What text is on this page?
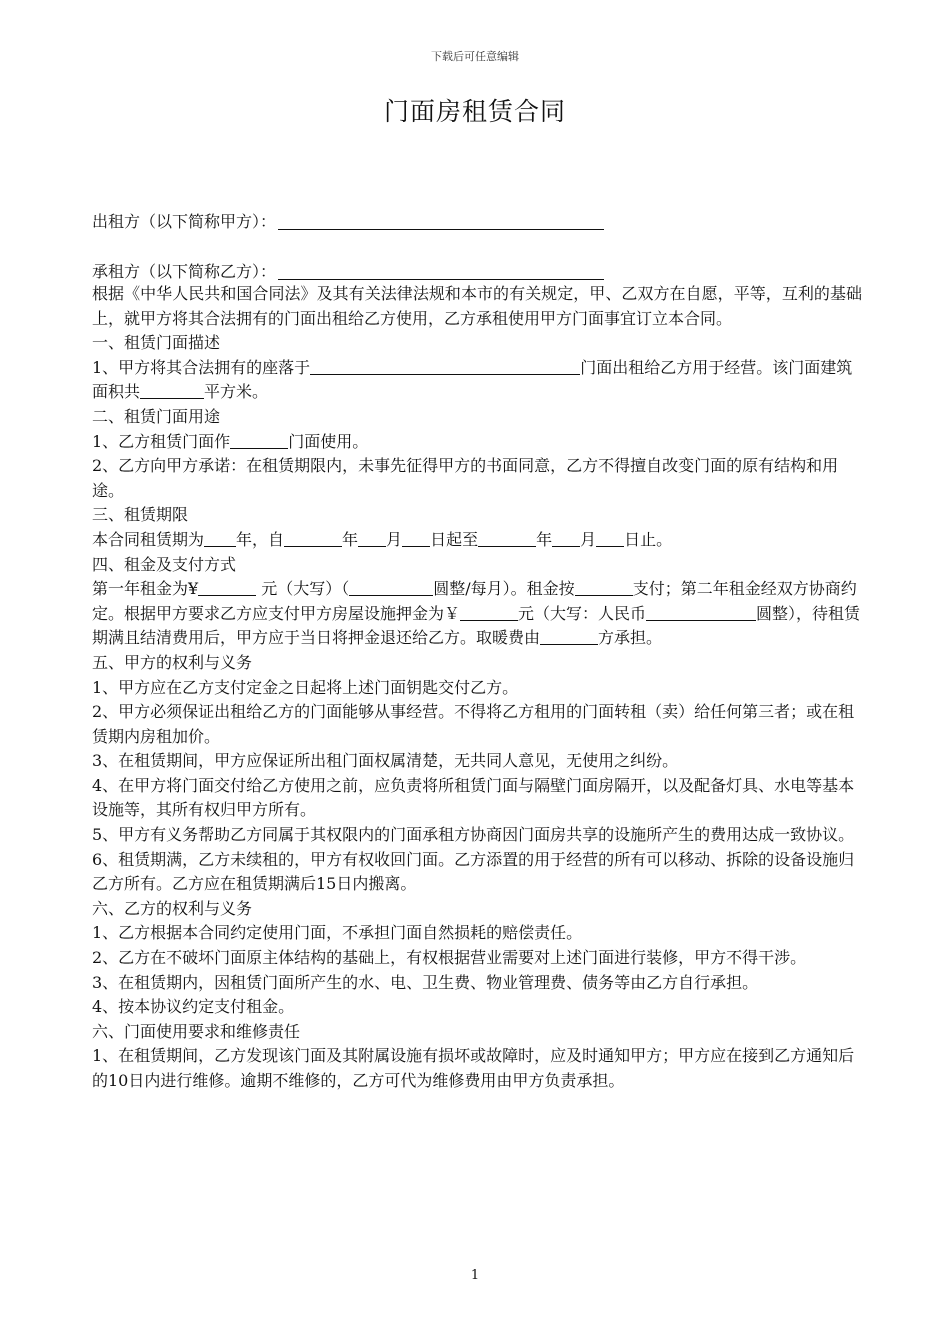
下载后可任意编辑
门面房租赁合同
出租方（以下简称甲方）：
承租方（以下简称乙方）：

根据《中华人民共和国合同法》及其有关法律法规和本市的有关规定，甲、乙双方在自愿，平等，互利的基础上，就甲方将其合法拥有的门面出租给乙方使用，乙方承租使用甲方门面事宜订立本合同。

一、租赁门面描述

1、甲方将其合法拥有的座落于	门面出租给乙方用于经营。该门面建筑面积共	平方米。

二、租赁门面用途

1、乙方租赁门面作	门面使用。

2、乙方向甲方承诺：在租赁期限内，未事先征得甲方的书面同意，乙方不得擅自改变门面的原有结构和用途。

三、租赁期限

本合同租赁期为 年，自	年 月 日起至	年 月 日止。

四、租金及支付方式

第一年租金为¥	元（大写）（	圆整/每月）。租金按	支付；第二年租金经双方协商约定。根据甲方要求乙方应支付甲方房屋设施押金为￥	元（大写：人民币	圆整），待租赁期满且结清费用后，甲方应于当日将押金退还给乙方。取暖费由	方承担。

五、甲方的权利与义务

1、甲方应在乙方支付定金之日起将上述门面钥匙交付乙方。

2、甲方必须保证出租给乙方的门面能够从事经营。不得将乙方租用的门面转租（卖）给任何第三者；或在租赁期内房租加价。

3、在租赁期间，甲方应保证所出租门面权属清楚，无共同人意见，无使用之纠纷。

4、在甲方将门面交付给乙方使用之前，应负责将所租赁门面与隔壁门面房隔开，以及配备灯具、水电等基本设施等，其所有权归甲方所有。

5、甲方有义务帮助乙方同属于其权限内的门面承租方协商因门面房共享的设施所产生的费用达成一致协议。

6、租赁期满，乙方未续租的，甲方有权收回门面。乙方添置的用于经营的所有可以移动、拆除的设备设施归乙方所有。乙方应在租赁期满后15日内搬离。

六、乙方的权利与义务

1、乙方根据本合同约定使用门面，不承担门面自然损耗的赔偿责任。

2、乙方在不破坏门面原主体结构的基础上，有权根据营业需要对上述门面进行装修，甲方不得干涉。

3、在租赁期内，因租赁门面所产生的水、电、卫生费、物业管理费、债务等由乙方自行承担。

4、按本协议约定支付租金。

六、门面使用要求和维修责任

1、在租赁期间，乙方发现该门面及其附属设施有损坏或故障时，应及时通知甲方；甲方应在接到乙方通知后的10日内进行维修。逾期不维修的，乙方可代为维修费用由甲方负责承担。

1
